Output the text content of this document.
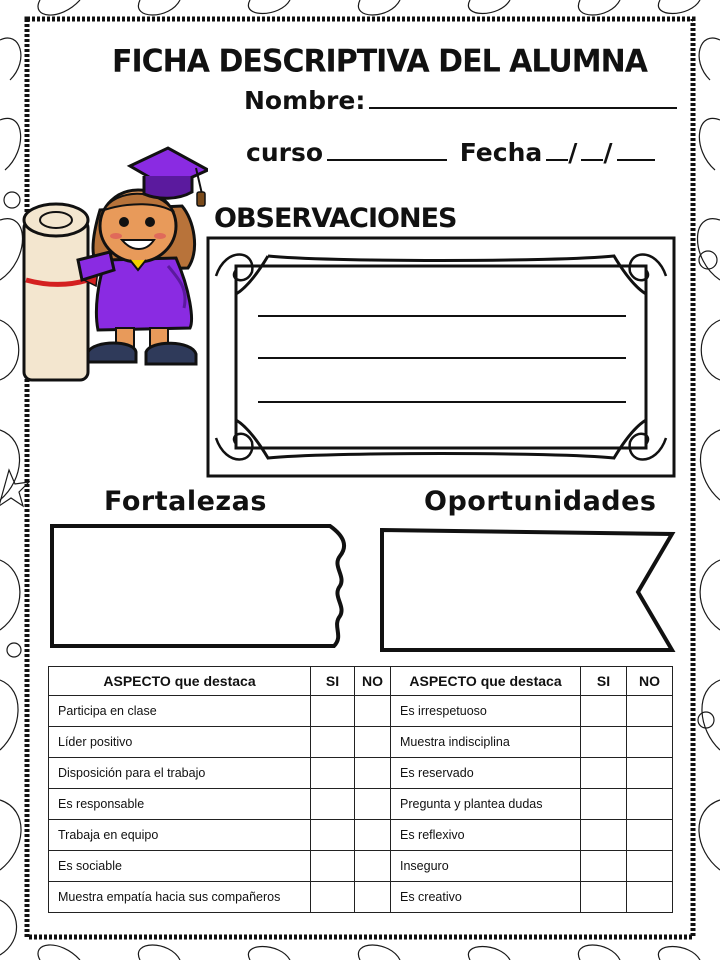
FICHA DESCRIPTIVA DEL ALUMNA
Nombre:
curso	Fecha / /
OBSERVACIONES
Fortalezas	Oportunidades
ASPECTO que destaca	SI	NO	ASPECTO que destaca	SI	NO
Participa en clase			Es irrespetuoso		
Líder positivo			Muestra indisciplina		
Disposición para el trabajo			Es reservado		
Es responsable			Pregunta y plantea dudas		
Trabaja en equipo			Es reflexivo		
Es sociable			Inseguro		
Muestra empatía hacia sus compañeros			Es creativo		
